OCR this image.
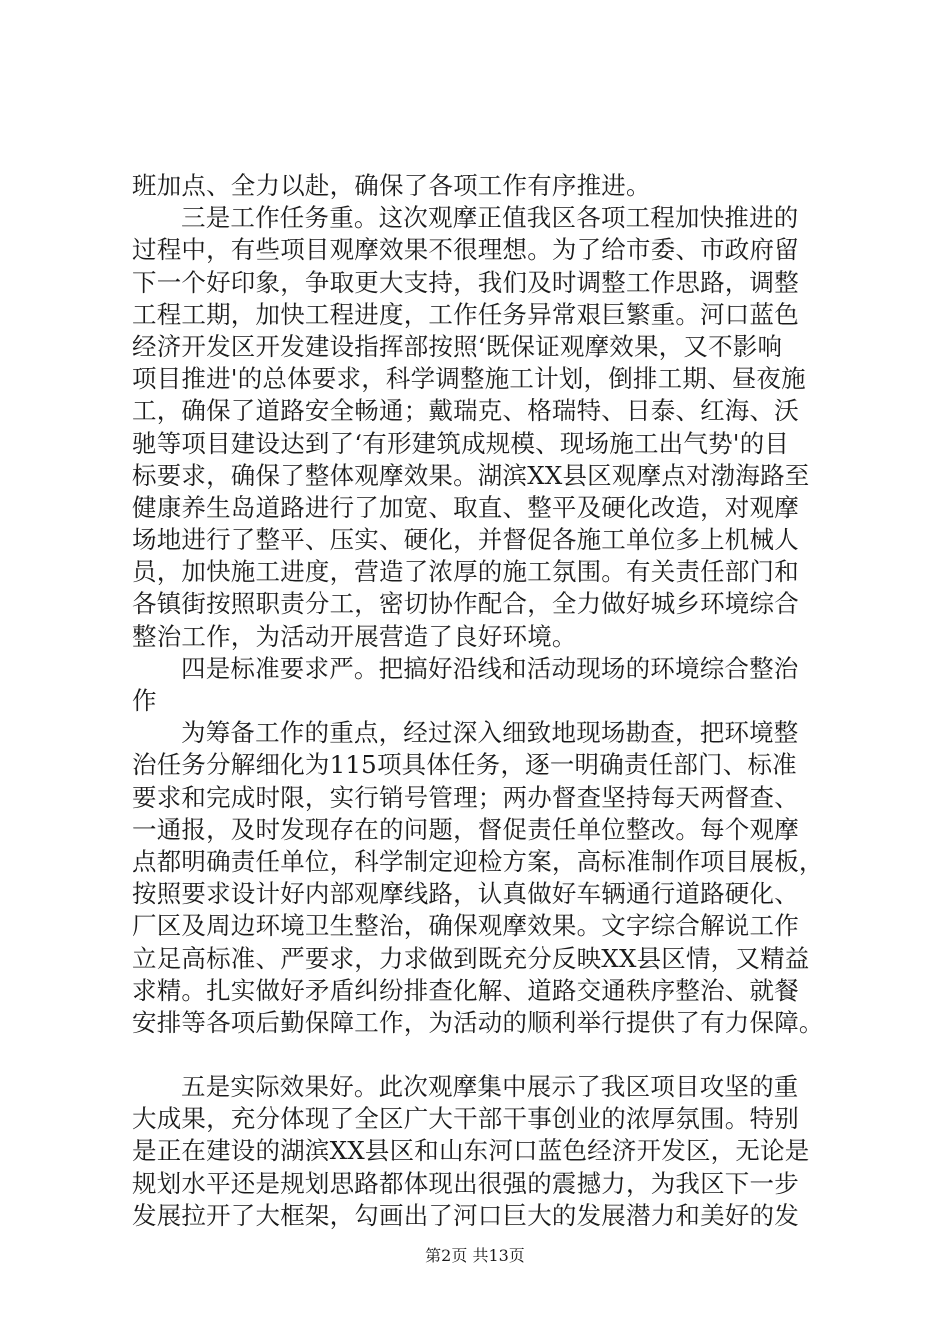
班加点、全力以赴，确保了各项工作有序推进。
三是工作任务重。这次观摩正值我区各项工程加快推进的
过程中，有些项目观摩效果不很理想。为了给市委、市政府留
下一个好印象，争取更大支持，我们及时调整工作思路，调整
工程工期，加快工程进度，工作任务异常艰巨繁重。河口蓝色
经济开发区开发建设指挥部按照‘既保证观摩效果，又不影响
项目推进'的总体要求，科学调整施工计划，倒排工期、昼夜施
工，确保了道路安全畅通；戴瑞克、格瑞特、日泰、红海、沃
驰等项目建设达到了‘有形建筑成规模、现场施工出气势'的目
标要求，确保了整体观摩效果。湖滨XX县区观摩点对渤海路至
健康养生岛道路进行了加宽、取直、整平及硬化改造，对观摩
场地进行了整平、压实、硬化，并督促各施工单位多上机械人
员，加快施工进度，营造了浓厚的施工氛围。有关责任部门和
各镇街按照职责分工，密切协作配合，全力做好城乡环境综合
整治工作，为活动开展营造了良好环境。
四是标准要求严。把搞好沿线和活动现场的环境综合整治
作
为筹备工作的重点，经过深入细致地现场勘查，把环境整
治任务分解细化为115项具体任务，逐一明确责任部门、标准
要求和完成时限，实行销号管理；两办督查坚持每天两督查、
一通报，及时发现存在的问题，督促责任单位整改。每个观摩
点都明确责任单位，科学制定迎检方案，高标准制作项目展板，
按照要求设计好内部观摩线路，认真做好车辆通行道路硬化、
厂区及周边环境卫生整治，确保观摩效果。文字综合解说工作
立足高标准、严要求，力求做到既充分反映XX县区情，又精益
求精。扎实做好矛盾纠纷排查化解、道路交通秩序整治、就餐
安排等各项后勤保障工作，为活动的顺利举行提供了有力保障。
五是实际效果好。此次观摩集中展示了我区项目攻坚的重
大成果，充分体现了全区广大干部干事创业的浓厚氛围。特别
是正在建设的湖滨XX县区和山东河口蓝色经济开发区，无论是
规划水平还是规划思路都体现出很强的震撼力，为我区下一步
发展拉开了大框架，勾画出了河口巨大的发展潜力和美好的发
第2页 共13页
